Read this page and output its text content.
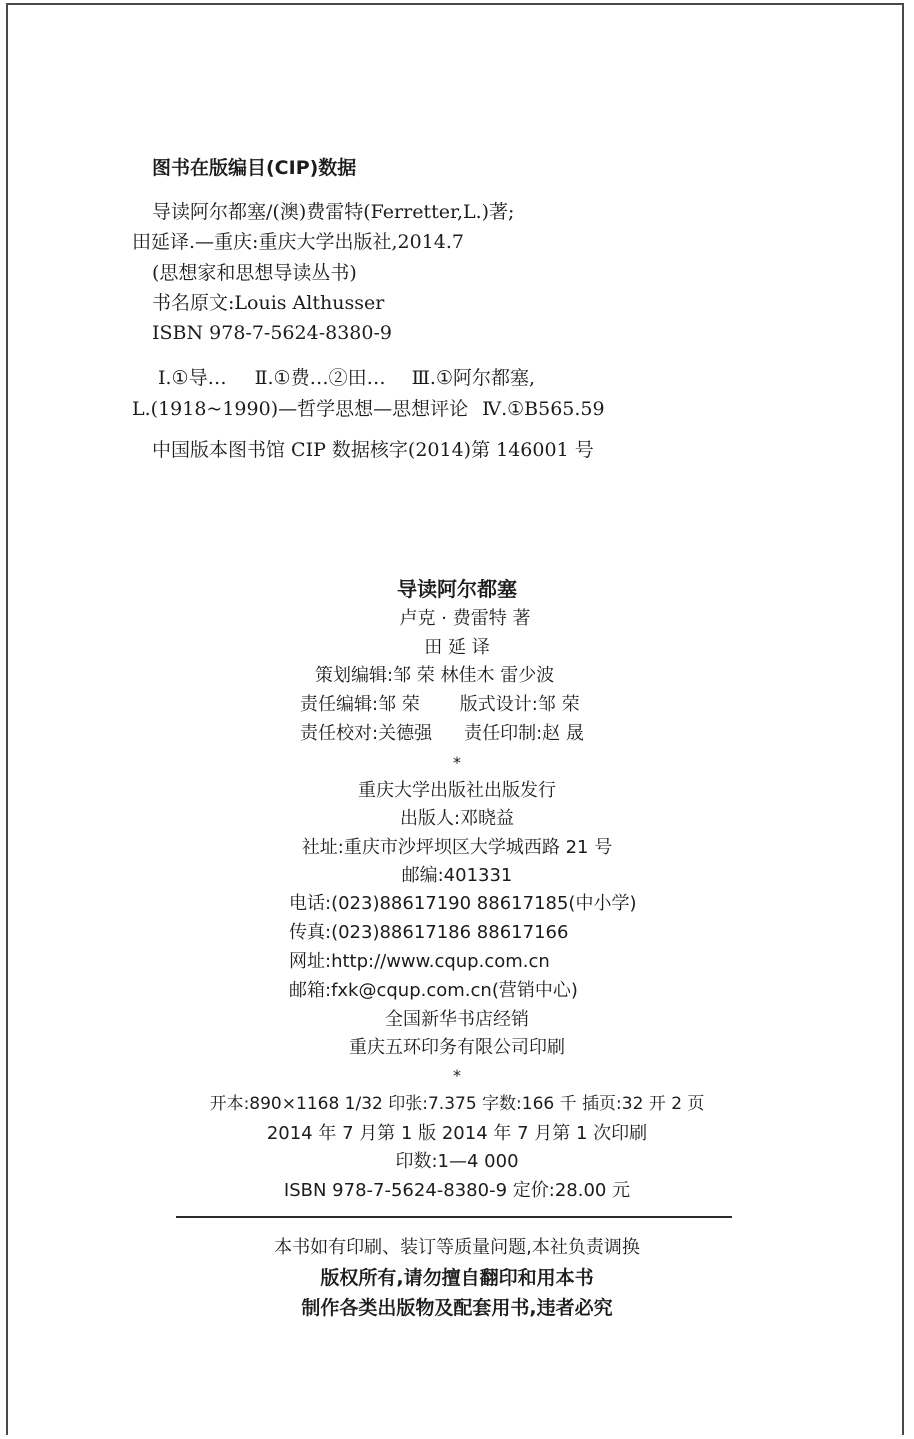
图书在版编目(CIP)数据
导读阿尔都塞/(澳)费雷特(Ferretter,L.)著;
田延译.—重庆:重庆大学出版社,2014.7
(思想家和思想导读丛书)
书名原文:Louis Althusser
ISBN 978-7-5624-8380-9
Ⅰ.①导… Ⅱ.①费…②田… Ⅲ.①阿尔都塞,
L.(1918~1990)—哲学思想—思想评论 Ⅳ.①B565.59
中国版本图书馆 CIP 数据核字(2014)第 146001 号
导读阿尔都塞
卢克 · 费雷特 著
田 延 译
策划编辑:邹 荣 林佳木 雷少波
责任编辑:邹 荣 版式设计:邹 荣
责任校对:关德强 责任印制:赵 晟
*
重庆大学出版社出版发行
出版人:邓晓益
社址:重庆市沙坪坝区大学城西路 21 号
邮编:401331
电话:(023)88617190 88617185(中小学)
传真:(023)88617186 88617166
网址:http://www.cqup.com.cn
邮箱:fxk@cqup.com.cn(营销中心)
全国新华书店经销
重庆五环印务有限公司印刷
*
开本:890×1168 1/32 印张:7.375 字数:166 千 插页:32 开 2 页
2014 年 7 月第 1 版 2014 年 7 月第 1 次印刷
印数:1—4 000
ISBN 978-7-5624-8380-9 定价:28.00 元
本书如有印刷、装订等质量问题,本社负责调换
版权所有,请勿擅自翻印和用本书
制作各类出版物及配套用书,违者必究
